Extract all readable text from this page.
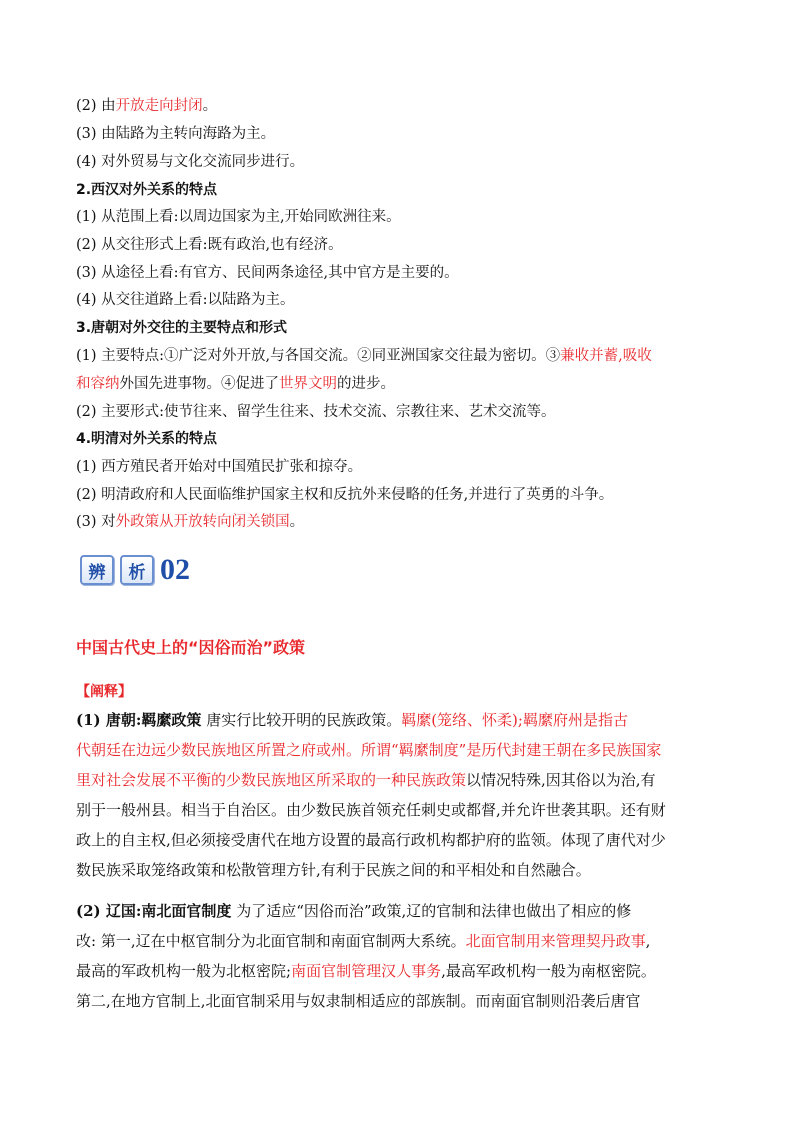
(2) 由开放走向封闭。
(3) 由陆路为主转向海路为主。
(4) 对外贸易与文化交流同步进行。
2.西汉对外关系的特点
(1) 从范围上看:以周边国家为主,开始同欧洲往来。
(2) 从交往形式上看:既有政治,也有经济。
(3) 从途径上看:有官方、民间两条途径,其中官方是主要的。
(4) 从交往道路上看:以陆路为主。
3.唐朝对外交往的主要特点和形式
(1) 主要特点:①广泛对外开放,与各国交流。②同亚洲国家交往最为密切。③兼收并蓄,吸收
和容纳外国先进事物。④促进了世界文明的进步。
(2) 主要形式:使节往来、留学生往来、技术交流、宗教往来、艺术交流等。
4.明清对外关系的特点
(1) 西方殖民者开始对中国殖民扩张和掠夺。
(2) 明清政府和人民面临维护国家主权和反抗外来侵略的任务,并进行了英勇的斗争。
(3) 对外政策从开放转向闭关锁国。
辨	析 02
中国古代史上的“因俗而治”政策
【阐释】
(1) 唐朝:羁縻政策 唐实行比较开明的民族政策。羁縻(笼络、怀柔);羁縻府州是指古
代朝廷在边远少数民族地区所置之府或州。所谓“羁縻制度”是历代封建王朝在多民族国家
里对社会发展不平衡的少数民族地区所采取的一种民族政策以情况特殊,因其俗以为治,有
别于一般州县。相当于自治区。由少数民族首领充任刺史或都督,并允许世袭其职。还有财
政上的自主权,但必须接受唐代在地方设置的最高行政机构都护府的监领。体现了唐代对少
数民族采取笼络政策和松散管理方针,有利于民族之间的和平相处和自然融合。
(2) 辽国:南北面官制度 为了适应“因俗而治”政策,辽的官制和法律也做出了相应的修
改: 第一,辽在中枢官制分为北面官制和南面官制两大系统。北面官制用来管理契丹政事,
最高的军政机构一般为北枢密院;南面官制管理汉人事务,最高军政机构一般为南枢密院。
第二,在地方官制上,北面官制采用与奴隶制相适应的部族制。而南面官制则沿袭后唐官
